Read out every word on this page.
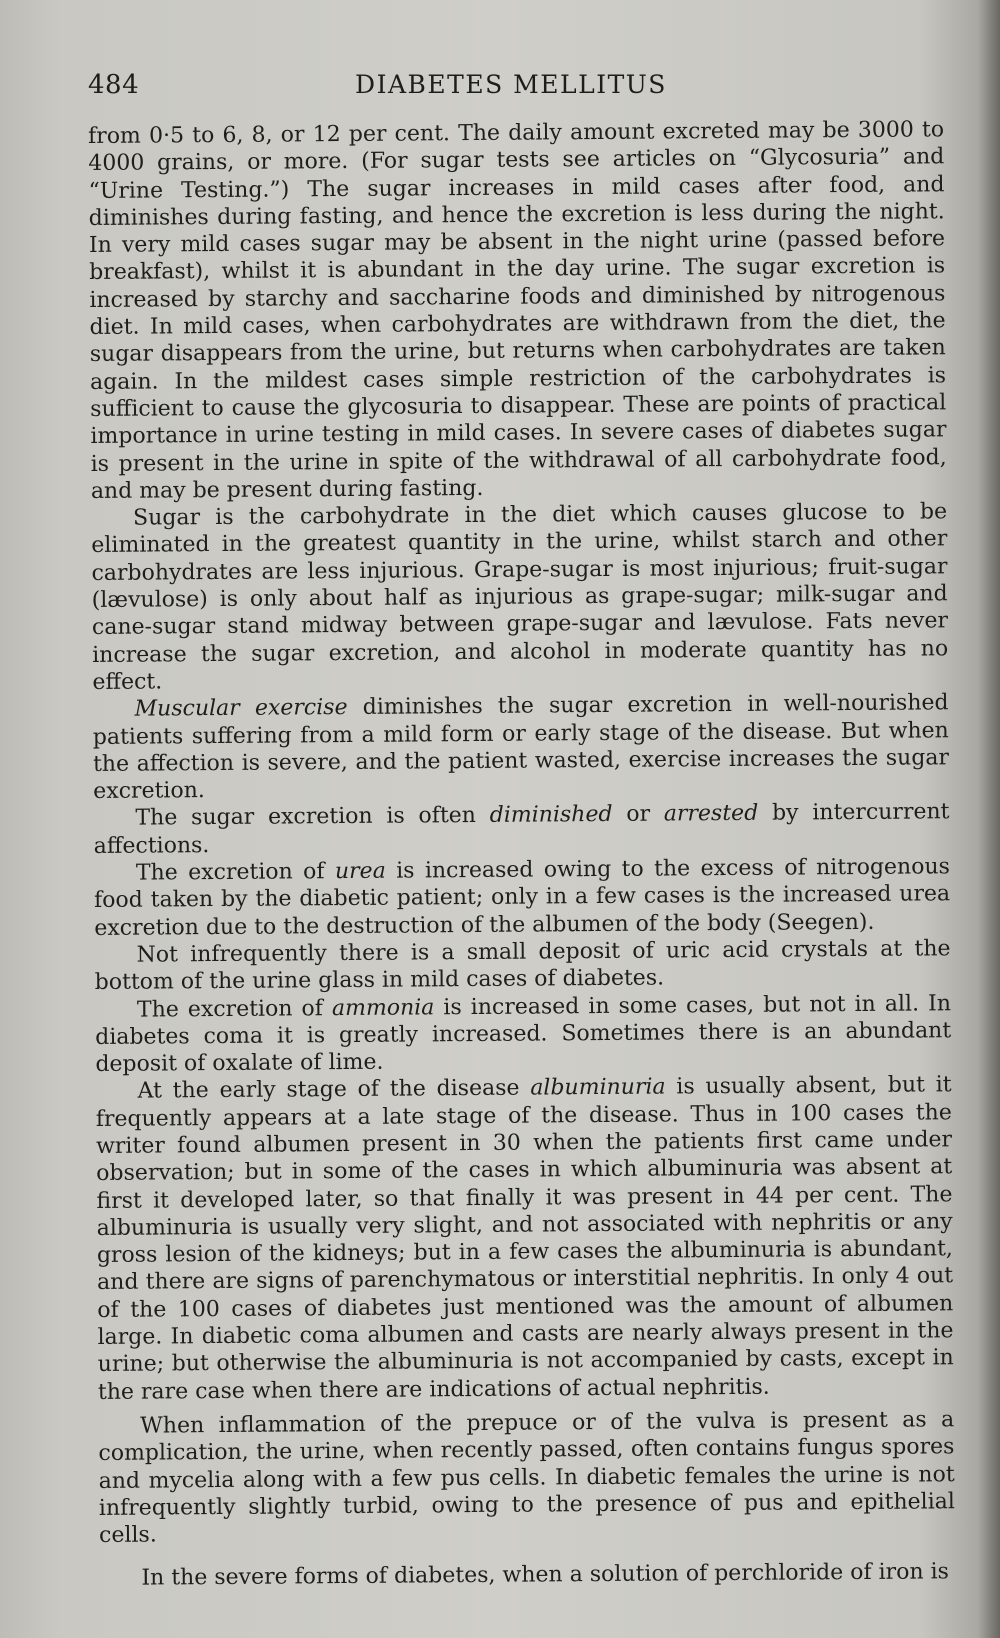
484	DIABETES MELLITUS

from 0·5 to 6, 8, or 12 per cent. The daily amount excreted may be 3000 to 4000 grains, or more. (For sugar tests see articles on “Glycosuria” and “Urine Testing.”) The sugar increases in mild cases after food, and diminishes during fasting, and hence the excretion is less during the night. In very mild cases sugar may be absent in the night urine (passed before breakfast), whilst it is abundant in the day urine. The sugar excretion is increased by starchy and saccharine foods and diminished by nitrogenous diet. In mild cases, when carbohydrates are withdrawn from the diet, the sugar disappears from the urine, but returns when carbohydrates are taken again. In the mildest cases simple restriction of the carbohydrates is sufficient to cause the glycosuria to disappear. These are points of practical importance in urine testing in mild cases. In severe cases of diabetes sugar is present in the urine in spite of the withdrawal of all carbohydrate food, and may be present during fasting.

Sugar is the carbohydrate in the diet which causes glucose to be eliminated in the greatest quantity in the urine, whilst starch and other carbohydrates are less injurious. Grape-sugar is most injurious; fruit-sugar (lævulose) is only about half as injurious as grape-sugar; milk-sugar and cane-sugar stand midway between grape-sugar and lævulose. Fats never increase the sugar excretion, and alcohol in moderate quantity has no effect.

Muscular exercise diminishes the sugar excretion in well-nourished patients suffering from a mild form or early stage of the disease. But when the affection is severe, and the patient wasted, exercise increases the sugar excretion.

The sugar excretion is often diminished or arrested by intercurrent affections.

The excretion of urea is increased owing to the excess of nitrogenous food taken by the diabetic patient; only in a few cases is the increased urea excretion due to the destruction of the albumen of the body (Seegen).

Not infrequently there is a small deposit of uric acid crystals at the bottom of the urine glass in mild cases of diabetes.

The excretion of ammonia is increased in some cases, but not in all. In diabetes coma it is greatly increased. Sometimes there is an abundant deposit of oxalate of lime.

At the early stage of the disease albuminuria is usually absent, but it frequently appears at a late stage of the disease. Thus in 100 cases the writer found albumen present in 30 when the patients first came under observation; but in some of the cases in which albuminuria was absent at first it developed later, so that finally it was present in 44 per cent. The albuminuria is usually very slight, and not associated with nephritis or any gross lesion of the kidneys; but in a few cases the albuminuria is abundant, and there are signs of parenchymatous or interstitial nephritis. In only 4 out of the 100 cases of diabetes just mentioned was the amount of albumen large. In diabetic coma albumen and casts are nearly always present in the urine; but otherwise the albuminuria is not accompanied by casts, except in the rare case when there are indications of actual nephritis.

When inflammation of the prepuce or of the vulva is present as a complication, the urine, when recently passed, often contains fungus spores and mycelia along with a few pus cells. In diabetic females the urine is not infrequently slightly turbid, owing to the presence of pus and epithelial cells.

In the severe forms of diabetes, when a solution of perchloride of iron is
